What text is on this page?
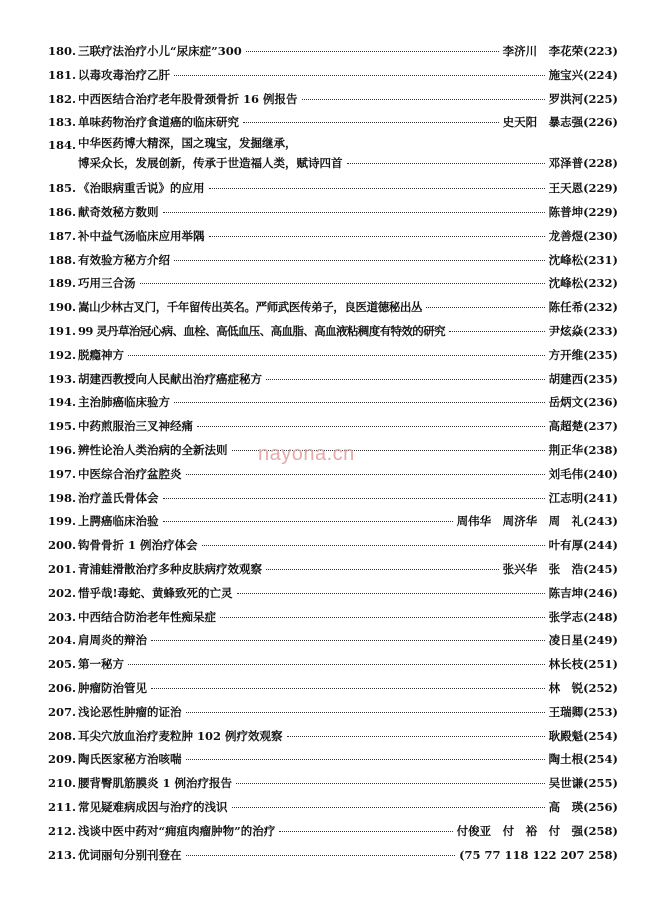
180. 三联疗法治疗小儿“尿床症”300	李济川　李花荣(223)
181. 以毒攻毒治疗乙肝	施宝兴(224)
182. 中西医结合治疗老年股骨颈骨折 16 例报告	罗洪河(225)
183. 单味药物治疗食道癌的临床研究	史天阳　暴志强(226)
184. 中华医药博大精深，国之瑰宝，发掘继承，
博采众长，发展创新，传承于世造福人类，赋诗四首	邓泽普(228)
185. 《治眼病重舌说》的应用	王天恩(229)
186. 献奇效秘方数则	陈普坤(229)
187. 补中益气汤临床应用举隅	龙善煜(230)
188. 有效验方秘方介绍	沈峰松(231)
189. 巧用三合汤	沈峰松(232)
190. 嵩山少林古叉门，千年留传出英名。严师武医传弟子，良医道德秘出丛	陈任希(232)
191. 99 灵丹草治冠心病、血栓、高低血压、高血脂、高血液粘稠度有特效的研究	尹炫焱(233)
192. 脱瘾神方	方开维(235)
193. 胡建西教授向人民献出治疗癌症秘方	胡建西(235)
194. 主治肺癌临床验方	岳炳文(236)
195. 中药煎服治三叉神经痛	高超楚(237)
196. 辨性论治人类治病的全新法则	荆正华(238)
197. 中医综合治疗盆腔炎	刘毛伟(240)
198. 治疗盖氏骨体会	江志明(241)
199. 上腭癌临床治验	周伟华　周济华　周　礼(243)
200. 钩骨骨折 1 例治疗体会	叶有厚(244)
201. 青浦蛙滑散治疗多种皮肤病疗效观察	张兴华　张　浩(245)
202. 惜乎哉!毒蛇、黄蜂致死的亡灵	陈吉坤(246)
203. 中西结合防治老年性痴呆症	张学志(248)
204. 肩周炎的辩治	凌日星(249)
205. 第一秘方	林长枝(251)
206. 肿瘤防治管见	林　锐(252)
207. 浅论恶性肿瘤的证治	王瑞卿(253)
208. 耳尖穴放血治疗麦粒肿 102 例疗效观察	耿殿魁(254)
209. 陶氏医家秘方治咳喘	陶土根(254)
210. 腰背臀肌筋膜炎 1 例治疗报告	吴世谦(255)
211. 常见疑难病成因与治疗的浅识	高　瑛(256)
212. 浅谈中医中药对“痈疽肉瘤肿物”的治疗	付俊亚　付　裕　付　强(258)
213. 优词丽句分别刊登在	(75 77 118 122 207 258)
nayona.cn
